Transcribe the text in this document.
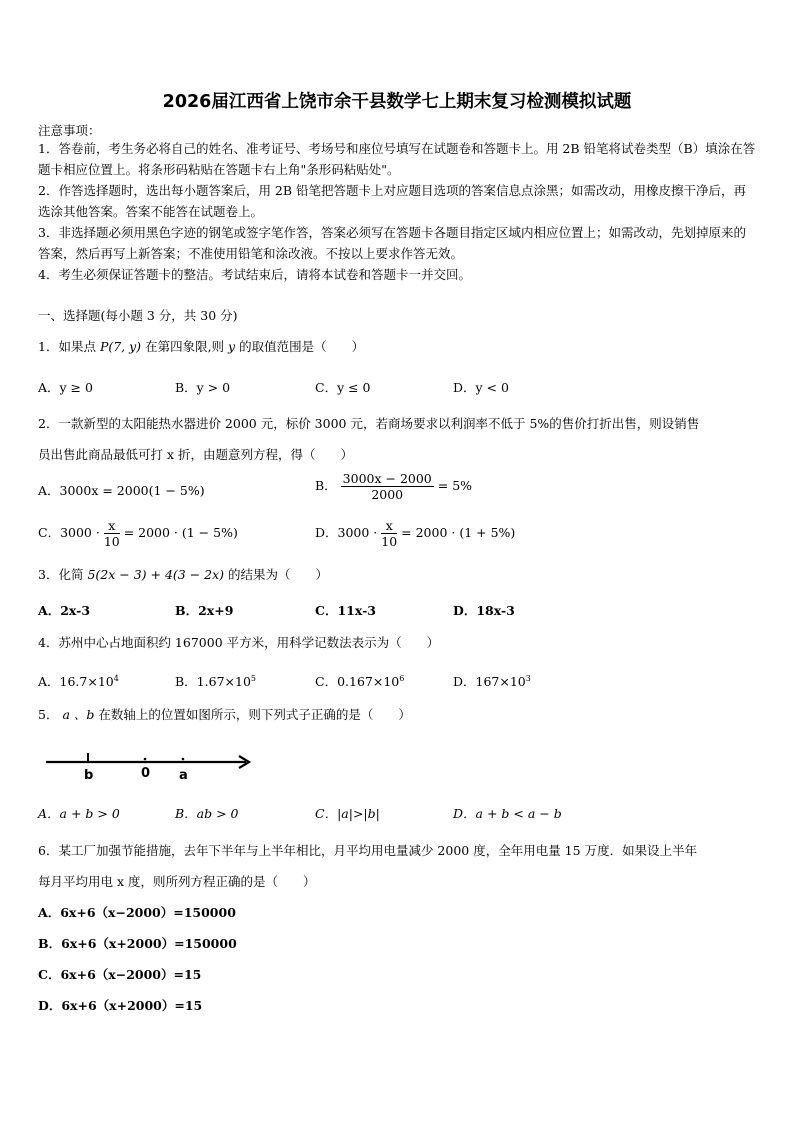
2026届江西省上饶市余干县数学七上期末复习检测模拟试题
注意事项：
1．答卷前，考生务必将自己的姓名、准考证号、考场号和座位号填写在试题卷和答题卡上。用 2B 铅笔将试卷类型（B）填涂在答题卡相应位置上。将条形码粘贴在答题卡右上角"条形码粘贴处"。
2．作答选择题时，选出每小题答案后，用 2B 铅笔把答题卡上对应题目选项的答案信息点涂黑；如需改动，用橡皮擦干净后，再选涂其他答案。答案不能答在试题卷上。
3．非选择题必须用黑色字迹的钢笔或签字笔作答，答案必须写在答题卡各题目指定区域内相应位置上；如需改动，先划掉原来的答案，然后再写上新答案；不准使用铅笔和涂改液。不按以上要求作答无效。
4．考生必须保证答题卡的整洁。考试结束后，请将本试卷和答题卡一并交回。
一、选择题(每小题 3 分，共 30 分)
1．如果点 P(7, y) 在第四象限,则 y 的取值范围是（　　）
A．y ≥ 0	B．y > 0	C．y ≤ 0	D．y < 0
2．一款新型的太阳能热水器进价 2000 元，标价 3000 元，若商场要求以利润率不低于 5%的售价打折出售，则设销售
员出售此商品最低可打 x 折，由题意列方程，得（　　）
A．3000x = 2000(1 − 5%)	B． $\frac{3000x - 2000}{2000} = 5\%$
C．$3000 \cdot \frac{x}{10} = 2000 \cdot (1 - 5\%)$	D．$3000 \cdot \frac{x}{10} = 2000 \cdot (1 + 5\%)$
3．化简 5(2x − 3) + 4(3 − 2x) 的结果为（　　）
A．2x-3	B．2x+9	C．11x-3	D．18x-3
4．苏州中心占地面积约 167000 平方米，用科学记数法表示为（　　）
A．$16.7\times 10^4$	B．$1.67\times 10^5$	C．$0.167\times 10^6$	D．$167\times 10^3$
5． a 、b 在数轴上的位置如图所示，则下列式子正确的是（　　）
b	0 a
A．a + b > 0	B．ab > 0	C．|a|>|b|	D．a + b < a − b
6．某工厂加强节能措施，去年下半年与上半年相比，月平均用电量减少 2000 度，全年用电量 15 万度．如果设上半年
每月平均用电 x 度，则所列方程正确的是（　　）
A．6x+6（x−2000）=150000
B．6x+6（x+2000）=150000
C．6x+6（x−2000）=15
D．6x+6（x+2000）=15
